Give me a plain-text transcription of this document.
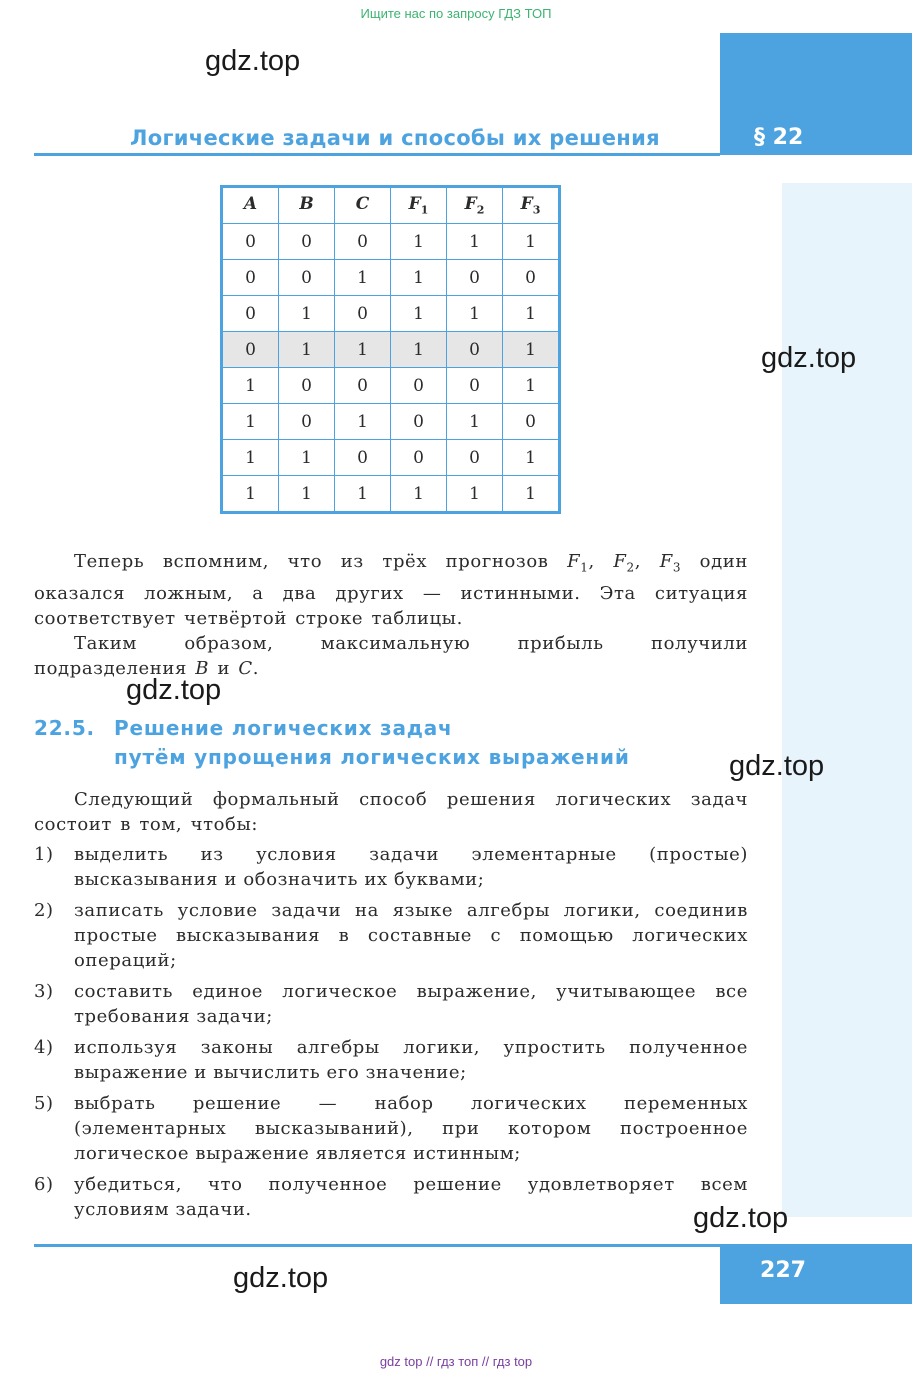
Ищите нас по запросу ГДЗ ТОП
Логические задачи и способы их решения	§ 22
gdz.top
gdz.top
gdz.top
gdz.top
gdz.top
gdz.top
A	B	C	$F_1$	$F_2$	$F_3$
0	0	0	1	1	1
0	0	1	1	0	0
0	1	0	1	1	1
0	1	1	1	0	1
1	0	0	0	0	1
1	0	1	0	1	0
1	1	0	0	0	1
1	1	1	1	1	1

Теперь вспомним, что из трёх прогнозов $F_1$, $F_2$, $F_3$ один оказался ложным, а два других — истинными. Эта ситуация соответствует четвёртой строке таблицы.

Таким образом, максимальную прибыль получили подразделения B и C.

22.5. Решение логических задач
путём упрощения логических выражений

Следующий формальный способ решения логических задач состоит в том, чтобы:

1)	выделить из условия задачи элементарные (простые) высказывания и обозначить их буквами;
2)	записать условие задачи на языке алгебры логики, соединив простые высказывания в составные с помощью логических операций;
3)	составить единое логическое выражение, учитывающее все требования задачи;
4)	используя законы алгебры логики, упростить полученное выражение и вычислить его значение;
5)	выбрать решение — набор логических переменных (элементарных высказываний), при котором построенное логическое выражение является истинным;
6)	убедиться, что полученное решение удовлетворяет всем условиям задачи.
227
gdz top // гдз топ // гдз top
